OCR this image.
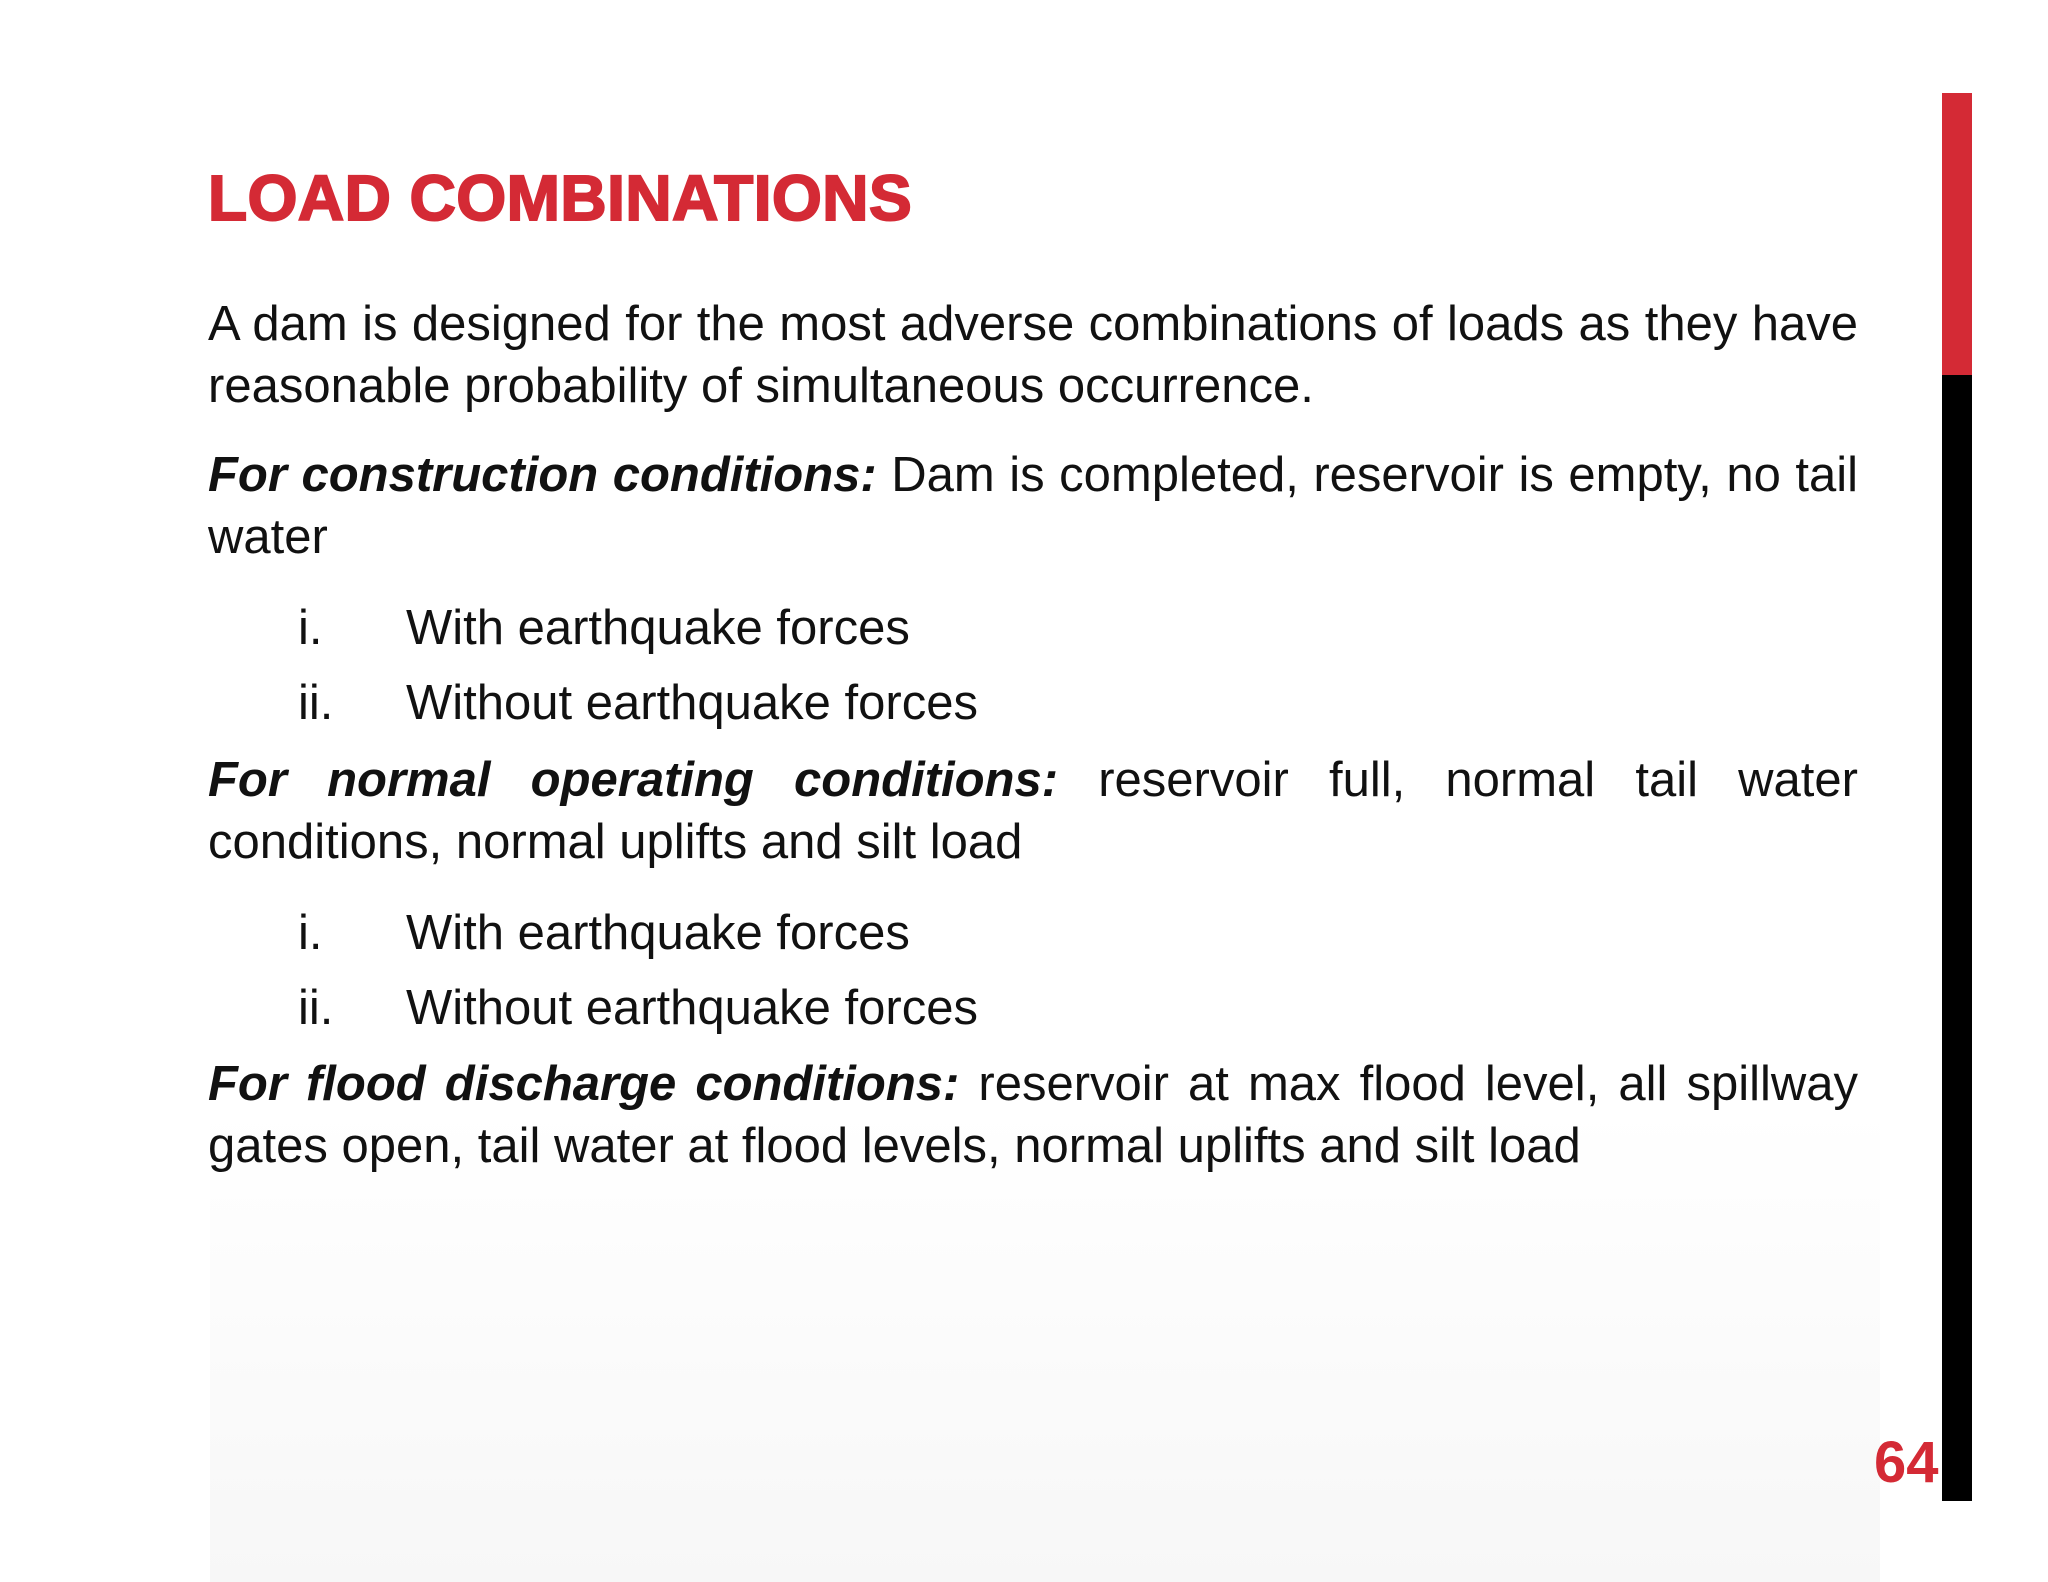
LOAD COMBINATIONS

A dam is designed for the most adverse combinations of loads as they have reasonable probability of simultaneous occurrence.

For construction conditions: Dam is completed, reservoir is empty, no tail water

i. With earthquake forces
ii. Without earthquake forces

For normal operating conditions: reservoir full, normal tail water conditions, normal uplifts and silt load

i. With earthquake forces
ii. Without earthquake forces

For flood discharge conditions: reservoir at max flood level, all spillway gates open, tail water at flood levels, normal uplifts and silt load

64
